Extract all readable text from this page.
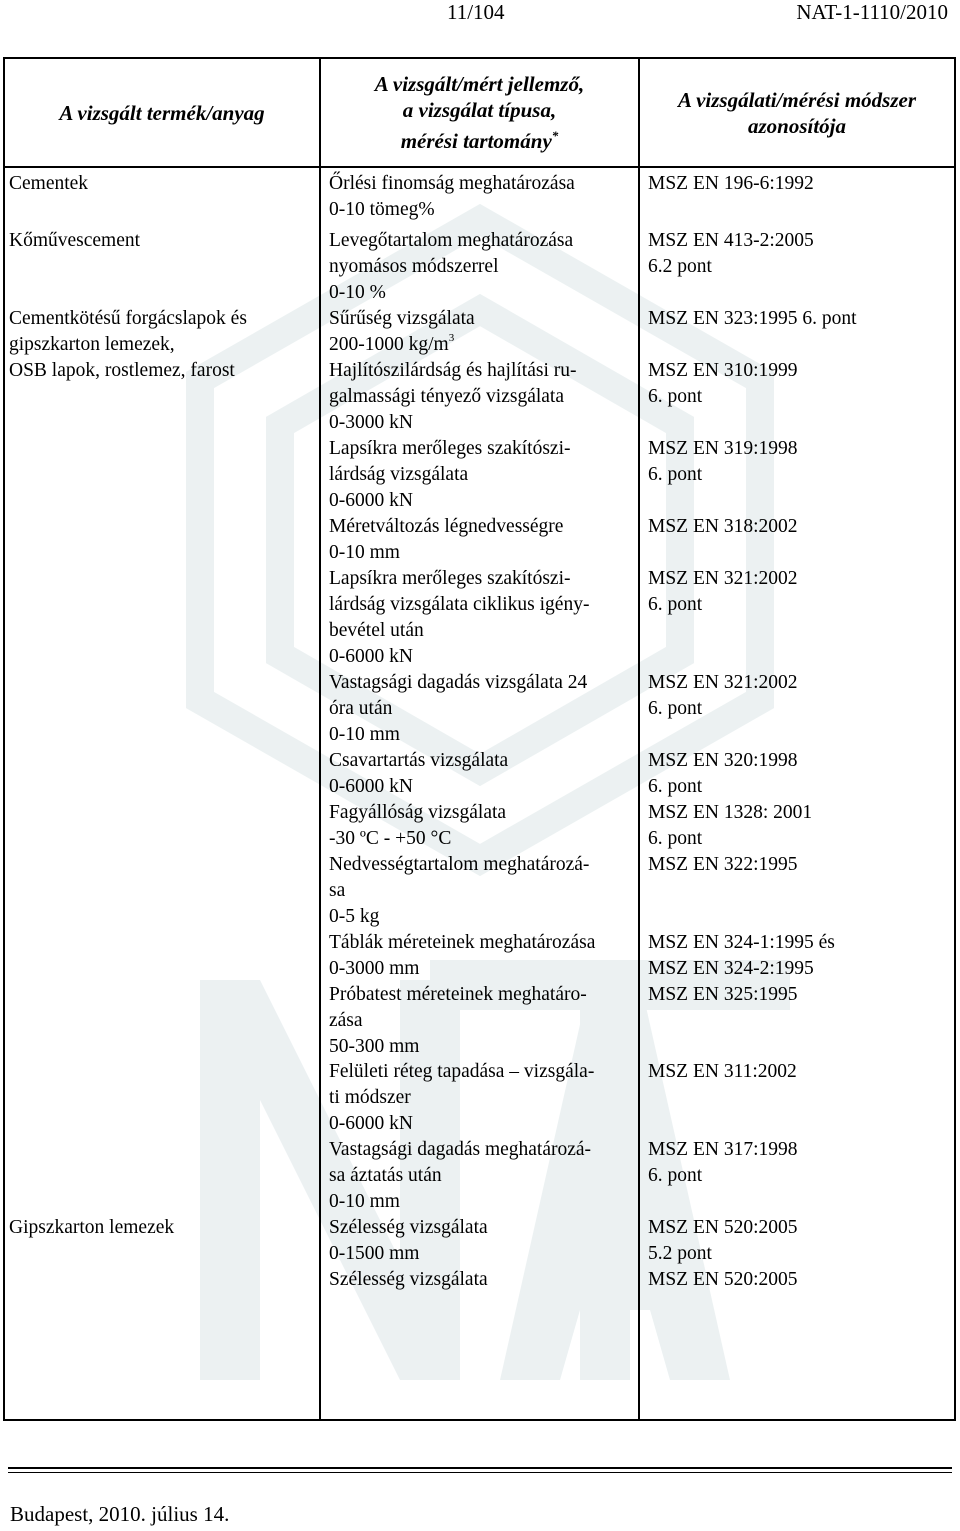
11/104	NAT-1-1110/2010
A vizsgált termék/anyag
A vizsgált/mért jellemző,
a vizsgálat típusa,
mérési tartomány*
A vizsgálati/mérési módszer
azonosítója
Cementek
Kőművescement
Cementkötésű forgácslapok és
gipszkarton lemezek,
OSB lapok, rostlemez, farost
Gipszkarton lemezek
Őrlési finomság meghatározása
0-10 tömeg%
Levegőtartalom meghatározása
nyomásos módszerrel
0-10 %
Sűrűség vizsgálata
200-1000 $kg/m^3$
Hajlítószilárdság és hajlítási ru-
galmassági tényező vizsgálata
0-3000 kN
Lapsíkra merőleges szakítószi-
lárdság vizsgálata
0-6000 kN
Méretváltozás légnedvességre
0-10 mm
Lapsíkra merőleges szakítószi-
lárdság vizsgálata ciklikus igény-
bevétel után
0-6000 kN
Vastagsági dagadás vizsgálata 24
óra után
0-10 mm
Csavartartás vizsgálata
0-6000 kN
Fagyállóság vizsgálata
-30 ºC - +50 °C
Nedvességtartalom meghatározá-
sa
0-5 kg
Táblák méreteinek meghatározása
0-3000 mm
Próbatest méreteinek meghatáro-
zása
50-300 mm
Felületi réteg tapadása – vizsgála-
ti módszer
0-6000 kN
Vastagsági dagadás meghatározá-
sa áztatás után
0-10 mm
Szélesség vizsgálata
0-1500 mm
Szélesség vizsgálata
MSZ EN 196-6:1992
MSZ EN 413-2:2005
6.2 pont
MSZ EN 323:1995 6. pont
MSZ EN 310:1999
6. pont
MSZ EN 319:1998
6. pont
MSZ EN 318:2002
MSZ EN 321:2002
6. pont
MSZ EN 321:2002
6. pont
MSZ EN 320:1998
6. pont
MSZ EN 1328: 2001
6. pont
MSZ EN 322:1995
MSZ EN 324-1:1995 és
MSZ EN 324-2:1995
MSZ EN 325:1995
MSZ EN 311:2002
MSZ EN 317:1998
6. pont
MSZ EN 520:2005
5.2 pont
MSZ EN 520:2005
Budapest, 2010. július 14.
